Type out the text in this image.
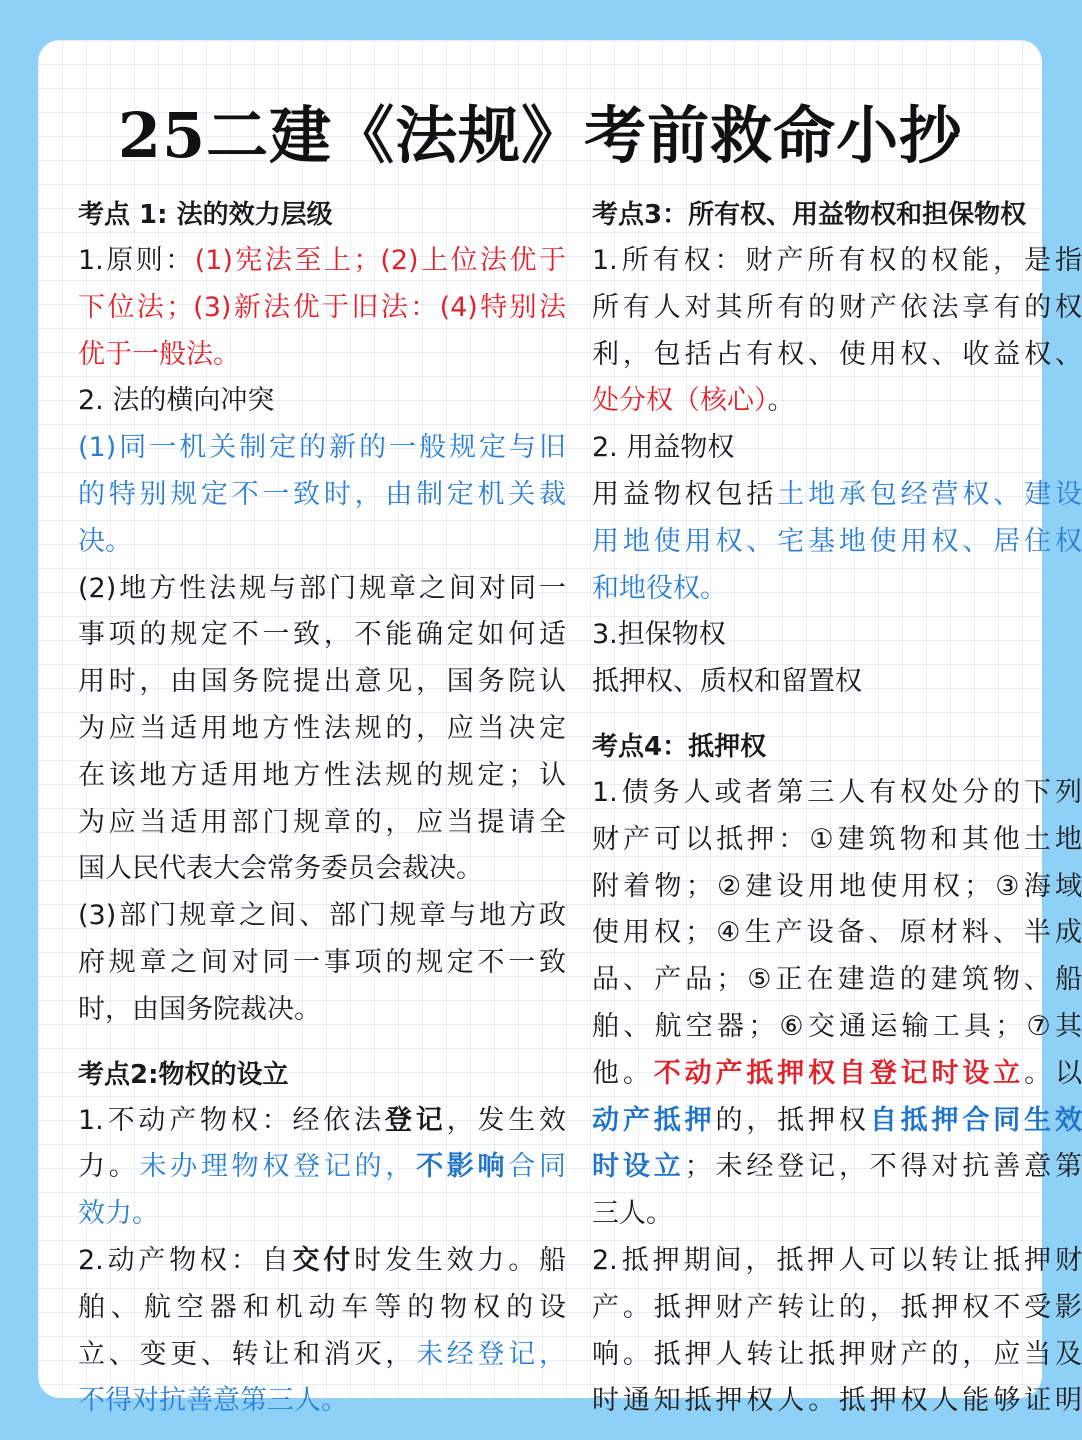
25二建《法规》考前救命小抄
考点 1: 法的效力层级
1.原则：(1)宪法至上；(2)上位法优于
下位法；(3)新法优于旧法：(4)特别法
优于一般法。
2. 法的横向冲突
(1)同一机关制定的新的一般规定与旧
的特别规定不一致时，由制定机关裁
决。
(2)地方性法规与部门规章之间对同一
事项的规定不一致，不能确定如何适
用时，由国务院提出意见，国务院认
为应当适用地方性法规的，应当决定
在该地方适用地方性法规的规定；认
为应当适用部门规章的，应当提请全
国人民代表大会常务委员会裁决。
(3)部门规章之间、部门规章与地方政
府规章之间对同一事项的规定不一致
时，由国务院裁决。
考点2:物权的设立
1.不动产物权：经依法登记，发生效
力。未办理物权登记的，不影响合同
效力。
2.动产物权：自交付时发生效力。船
舶、航空器和机动车等的物权的设
立、变更、转让和消灭，未经登记，
不得对抗善意第三人。
考点3：所有权、用益物权和担保物权
1.所有权：财产所有权的权能，是指
所有人对其所有的财产依法享有的权
利，包括占有权、使用权、收益权、
处分权（核心）。
2. 用益物权
用益物权包括土地承包经营权、建设
用地使用权、宅基地使用权、居住权
和地役权。
3.担保物权
抵押权、质权和留置权
考点4：抵押权
1.债务人或者第三人有权处分的下列
财产可以抵押：①建筑物和其他土地
附着物；②建设用地使用权；③海域
使用权；④生产设备、原材料、半成
品、产品；⑤正在建造的建筑物、船
舶、航空器；⑥交通运输工具；⑦其
他。不动产抵押权自登记时设立。以
动产抵押的，抵押权自抵押合同生效
时设立；未经登记，不得对抗善意第
三人。
2.抵押期间，抵押人可以转让抵押财
产。抵押财产转让的，抵押权不受影
响。抵押人转让抵押财产的，应当及
时通知抵押权人。抵押权人能够证明
